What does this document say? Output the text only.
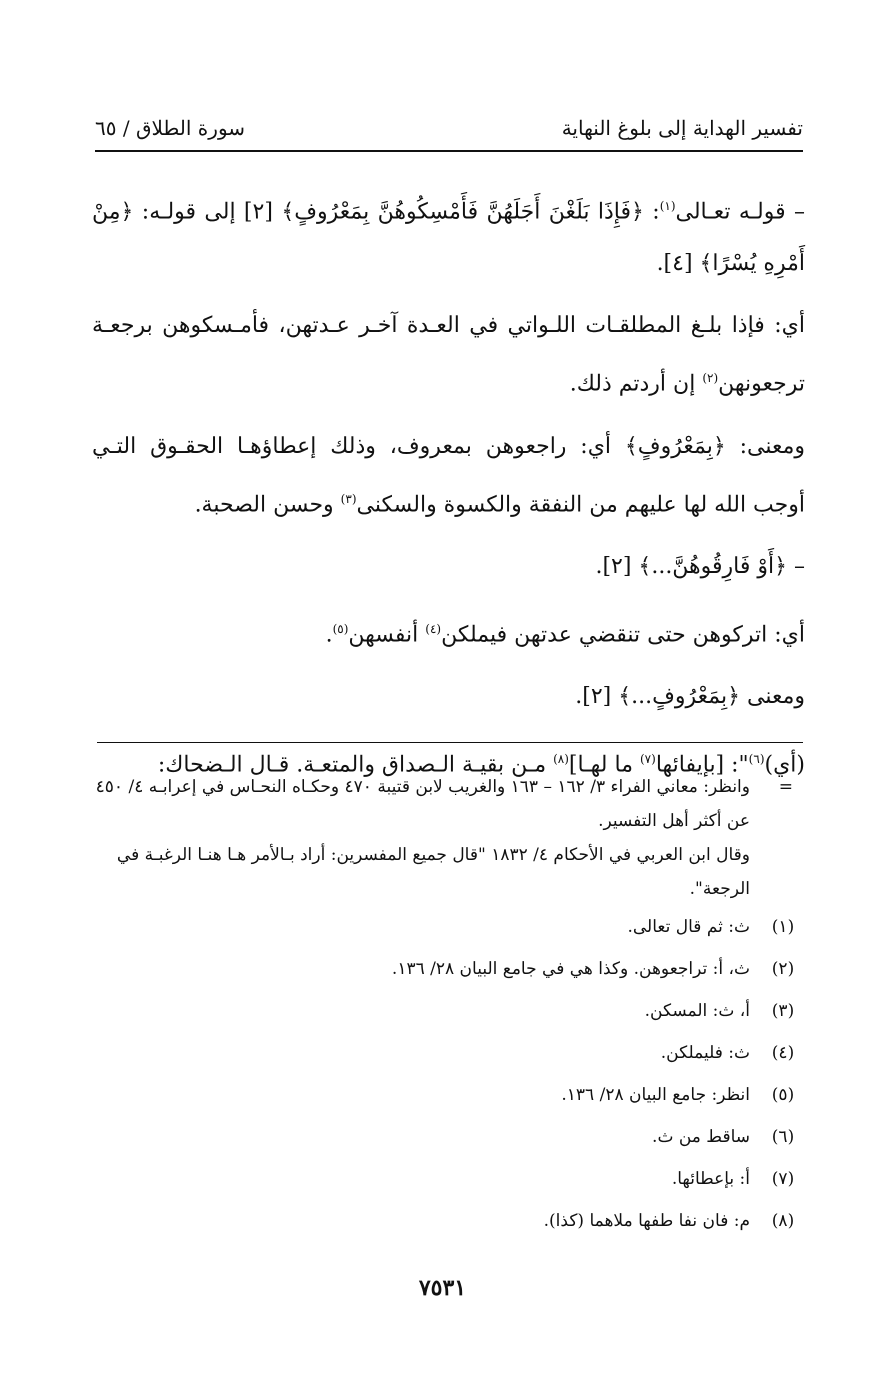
تفسير الهداية إلى بلوغ النهاية
سورة الطلاق / ٦٥

– قولـه تعـالى$^{(١)}$: ﴿فَإِذَا بَلَغْنَ أَجَلَهُنَّ فَأَمْسِكُوهُنَّ بِمَعْرُوفٍ﴾ [٢] إلى قولـه: ﴿مِنْ أَمْرِهِ يُسْرًا﴾ [٤].

أي: فإذا بلـغ المطلقـات اللـواتي في العـدة آخـر عـدتهن، فأمـسكوهن برجعـة ترجعونهن$^{(٢)}$ إن أردتم ذلك.

ومعنى: ﴿بِمَعْرُوفٍ﴾ أي: راجعوهن بمعروف، وذلك إعطاؤهـا الحقـوق التـي أوجب الله لها عليهم من النفقة والكسوة والسكنى$^{(٣)}$ وحسن الصحبة.

– ﴿أَوْ فَارِقُوهُنَّ...﴾ [٢].

أي: اتركوهن حتى تنقضي عدتهن فيملكن$^{(٤)}$ أنفسهن$^{(٥)}$.

ومعنى ﴿بِمَعْرُوفٍ...﴾ [٢].

(أي)$^{(٦)}$": [بإيفائها$^{(٧)}$ ما لهـا]$^{(٨)}$ مـن بقيـة الـصداق والمتعـة. قـال الـضحاك:

=
وانظر: معاني الفراء ٣/ ١٦٢ – ١٦٣ والغريب لابن قتيبة ٤٧٠ وحكـاه النحـاس في إعرابـه ٤/ ٤٥٠ عن أكثر أهل التفسير.
وقال ابن العربي في الأحكام ٤/ ١٨٣٢ "قال جميع المفسرين: أراد بـالأمر هـا هنـا الرغبـة في الرجعة".
(١)
ث: ثم قال تعالى.
(٢)
ث، أ: تراجعوهن. وكذا هي في جامع البيان ٢٨/ ١٣٦.
(٣)
أ، ث: المسكن.
(٤)
ث: فليملكن.
(٥)
انظر: جامع البيان ٢٨/ ١٣٦.
(٦)
ساقط من ث.
(٧)
أ: بإعطائها.
(٨)
م: فان نفا طفها ملاهما (كذا).
٧٥٣١
